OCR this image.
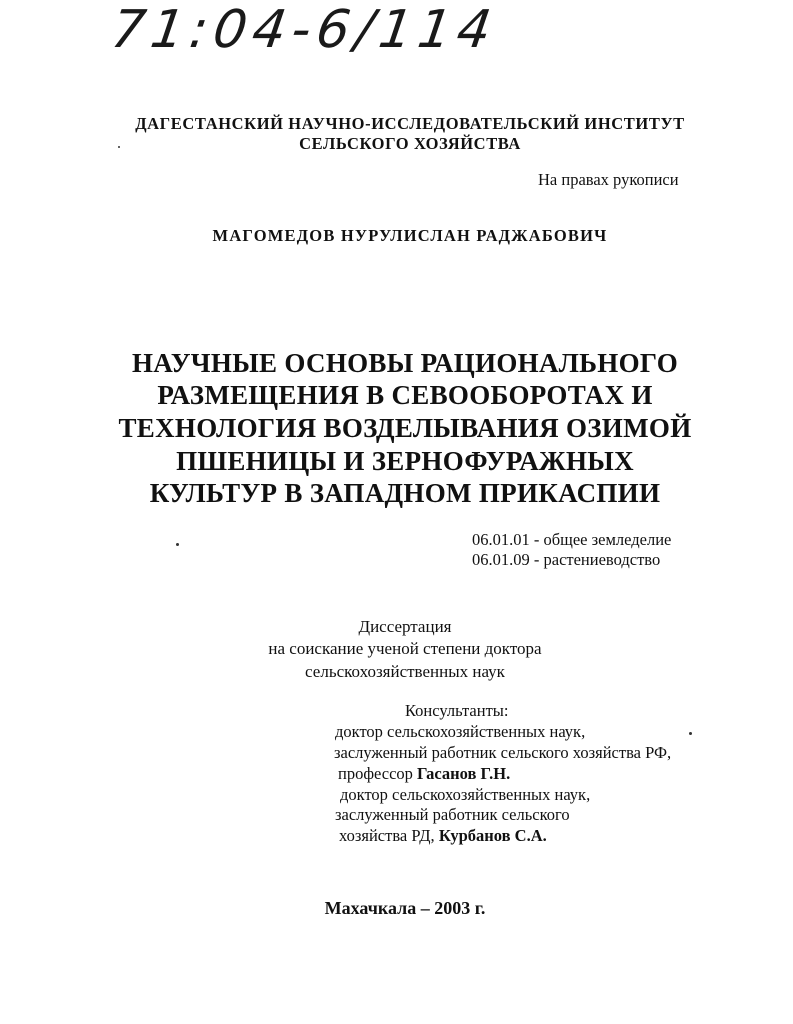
71:04-6/114
ДАГЕСТАНСКИЙ НАУЧНО-ИССЛЕДОВАТЕЛЬСКИЙ ИНСТИТУТ
СЕЛЬСКОГО ХОЗЯЙСТВА
На правах рукописи
МАГОМЕДОВ НУРУЛИСЛАН РАДЖАБОВИЧ
НАУЧНЫЕ ОСНОВЫ РАЦИОНАЛЬНОГО
РАЗМЕЩЕНИЯ В СЕВООБОРОТАХ И
ТЕХНОЛОГИЯ ВОЗДЕЛЫВАНИЯ ОЗИМОЙ
ПШЕНИЦЫ И ЗЕРНОФУРАЖНЫХ
КУЛЬТУР В ЗАПАДНОМ ПРИКАСПИИ
06.01.01 - общее земледелие
06.01.09 - растениеводство
Диссертация
на соискание ученой степени доктора
сельскохозяйственных наук
Консультанты:
доктор сельскохозяйственных наук,
заслуженный работник сельского хозяйства РФ,
профессор Гасанов Г.Н.
доктор сельскохозяйственных наук,
заслуженный работник сельского
хозяйства РД, Курбанов С.А.
Махачкала – 2003 г.
